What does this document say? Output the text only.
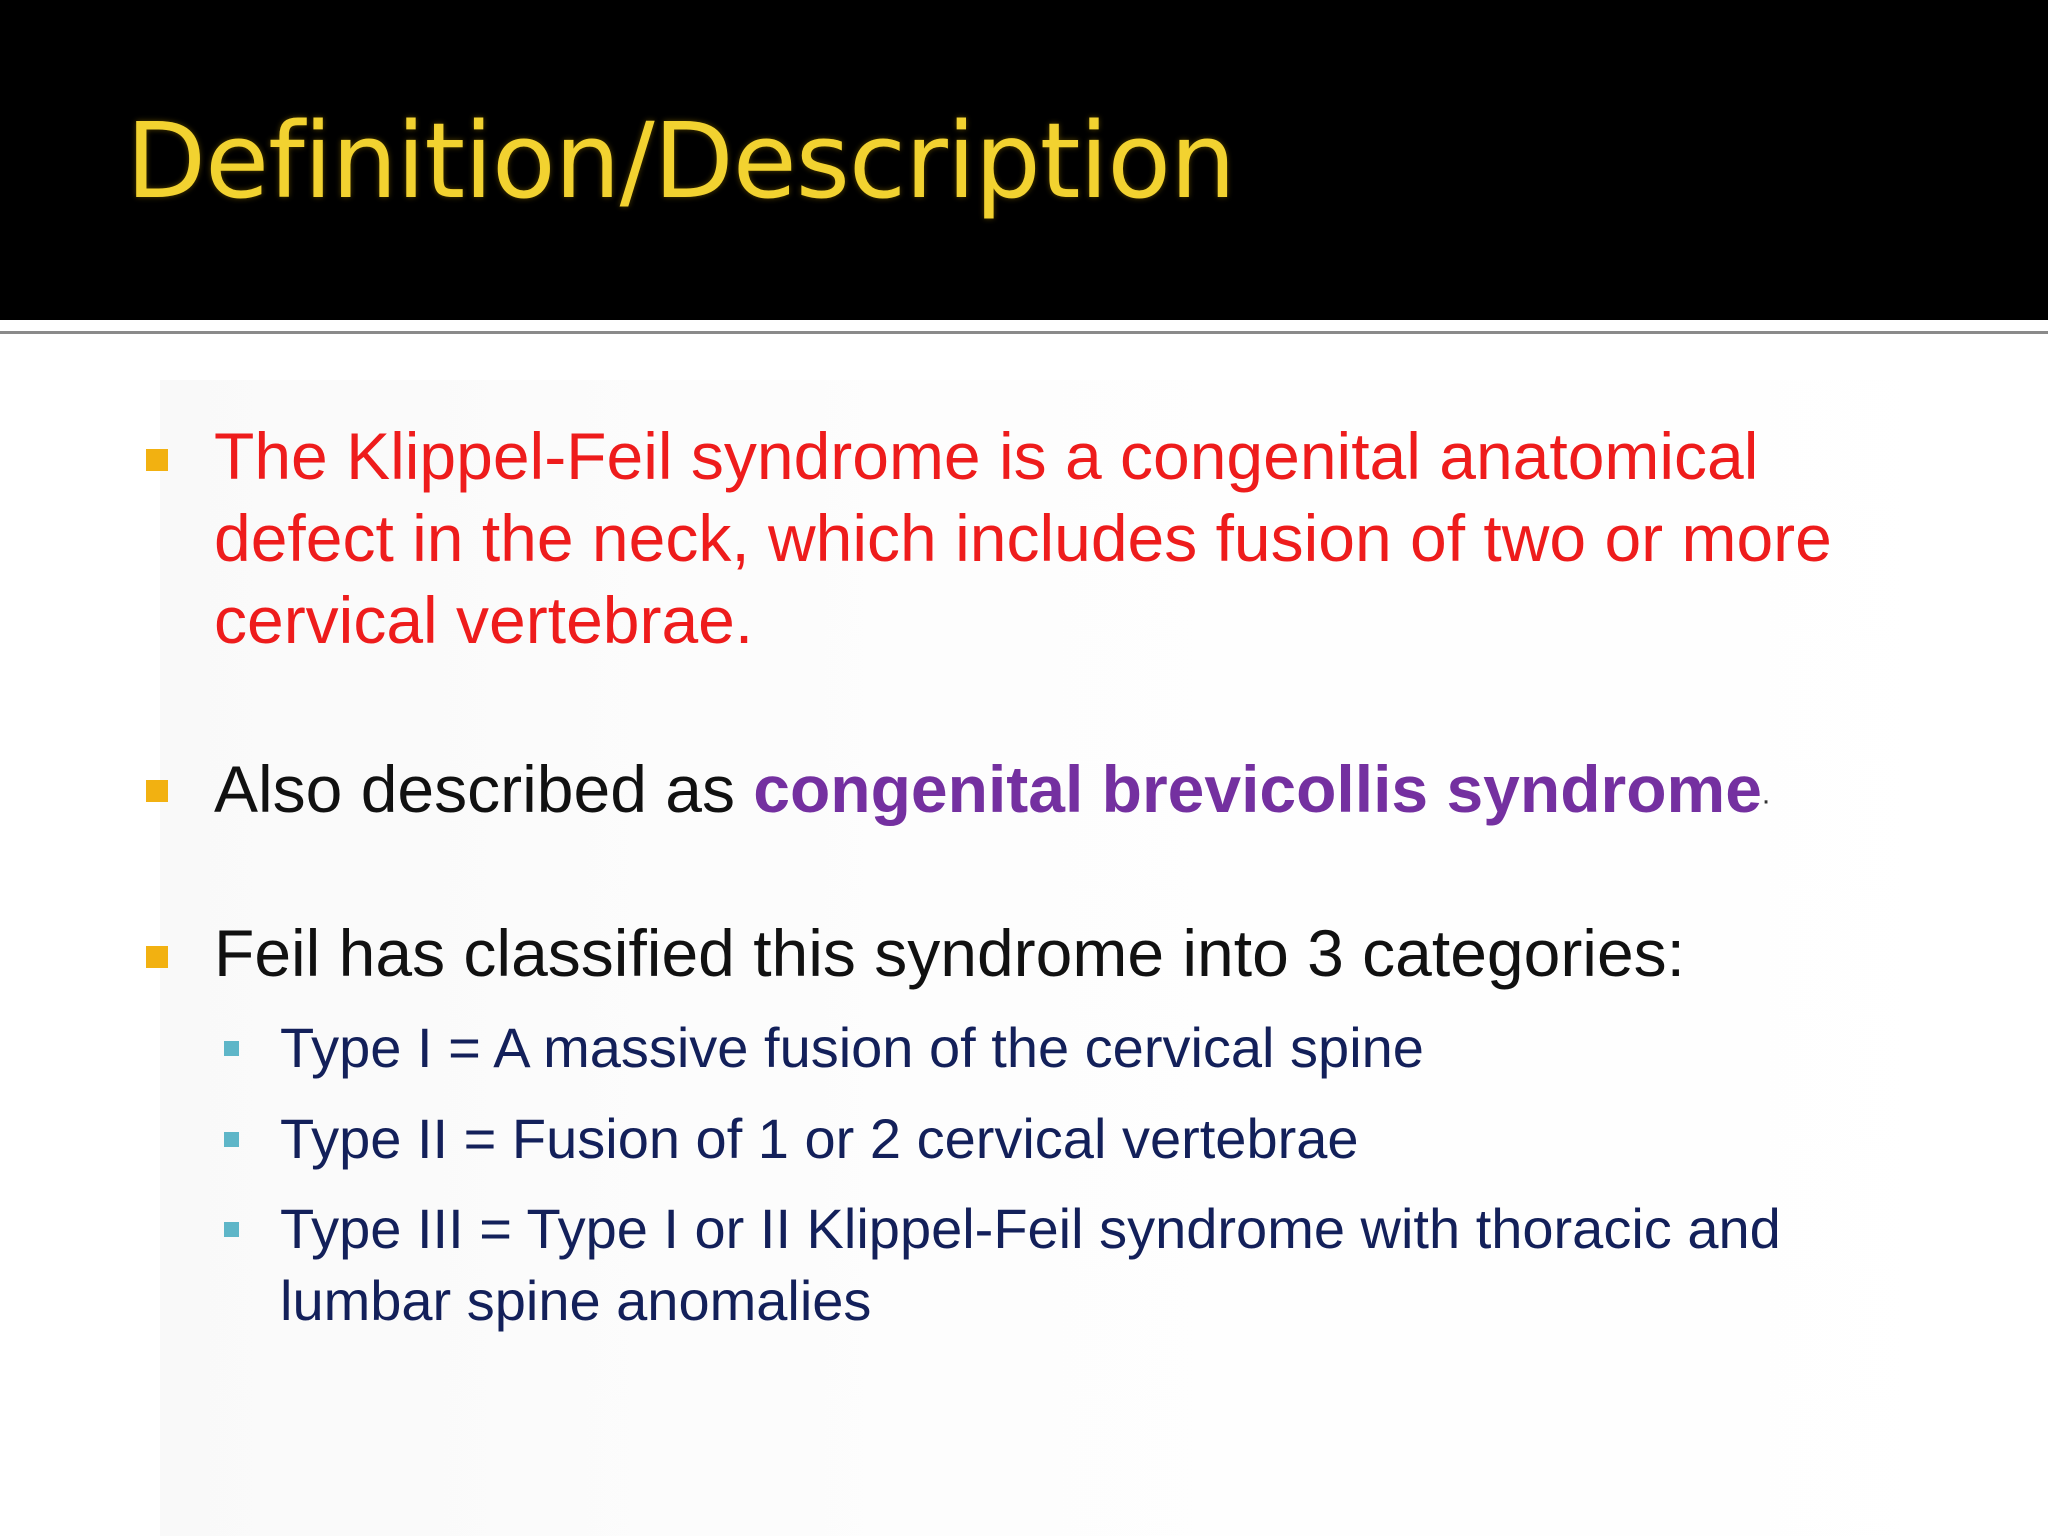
Definition/Description

The Klippel-Feil syndrome is a congenital anatomical defect in the neck, which includes fusion of two or more cervical vertebrae.

Also described as congenital brevicollis syndrome.

Feil has classified this syndrome into 3 categories:

Type I = A massive fusion of the cervical spine

Type II = Fusion of 1 or 2 cervical vertebrae

Type III = Type I or II Klippel-Feil syndrome with thoracic and lumbar spine anomalies
